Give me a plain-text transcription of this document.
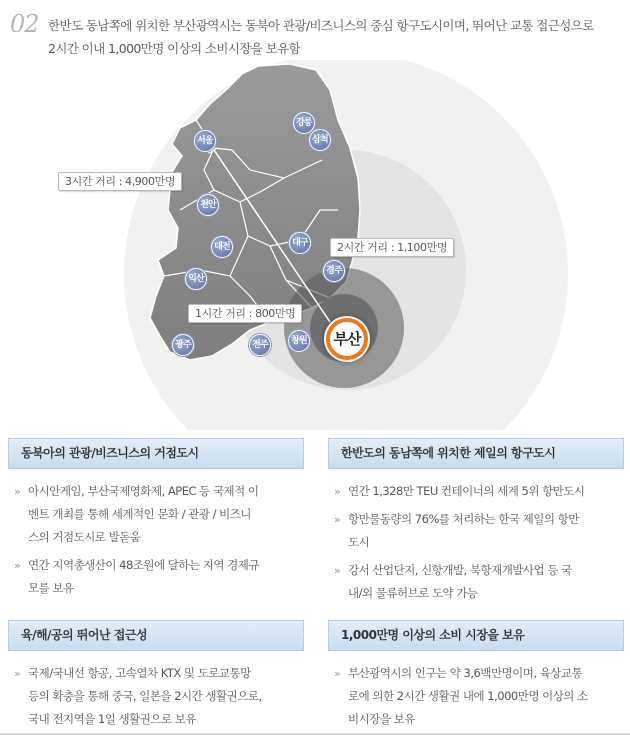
02 한반도 동남쪽에 위치한 부산광역시는 동북아 관광/비즈니스의 중심 항구도시이며, 뛰어난 교통 접근성으로
2시간 이내 1,000만명 이상의 소비시장을 보유함
서울
강릉
삼척
천안
대전	대구
익산
경주
광주	전주	창원	부산
3시간 거리 : 4,900만명
2시간 거리 : 1,100만명
1시간 거리 : 800만명
동북아의 관광/비즈니스의 거점도시
» 아시안게임, 부산국제영화제, APEC 등 국제적 이
벤트 개최를 통해 세계적인 문화 / 관광 / 비즈니
스의 거점도시로 발돋움
» 연간 지역총생산이 48조원에 달하는 지역 경제규
모를 보유
한반도의 동남쪽에 위치한 제일의 항구도시
» 연간 1,328만 TEU 컨테이너의 세계 5위 항만도시
» 항만물동량의 76%를 처리하는 한국 제일의 항만
도시
» 강서 산업단지, 신항개발, 북항재개발사업 등 국
내/외 물류허브로 도약 가능
육/해/공의 뛰어난 접근성
» 국제/국내선 항공, 고속열차 KTX 및 도로교통망
등의 확충을 통해 중국, 일본을 2시간 생활권으로,
국내 전지역을 1일 생활권으로 보유
1,000만명 이상의 소비 시장을 보유
» 부산광역시의 인구는 약 3,6백만명이며, 육상교통
로에 의한 2시간 생활권 내에 1,000만명 이상의 소
비시장을 보유
